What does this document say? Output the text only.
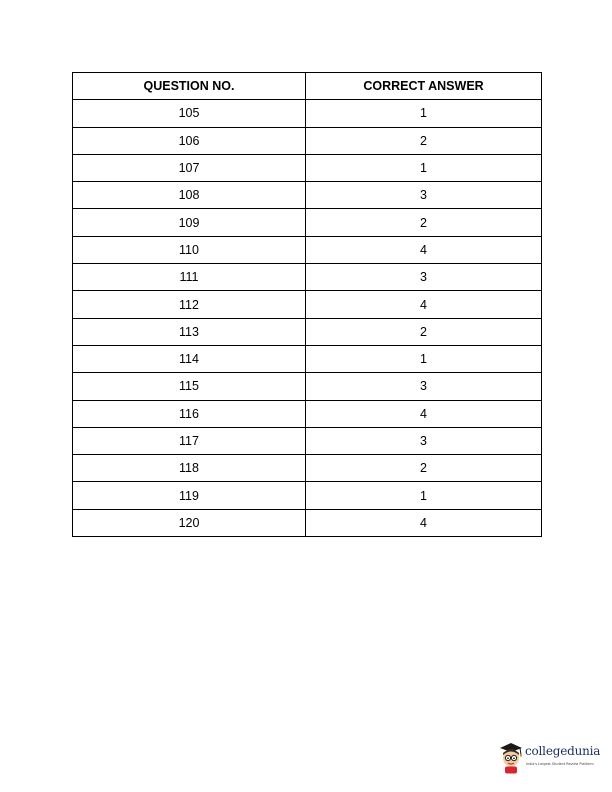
QUESTION NO.	CORRECT ANSWER
105	1
106	2
107	1
108	3
109	2
110	4
111	3
112	4
113	2
114	1
115	3
116	4
117	3
118	2
119	1
120	4
collegedunia
India's Largest Student Review Platform
